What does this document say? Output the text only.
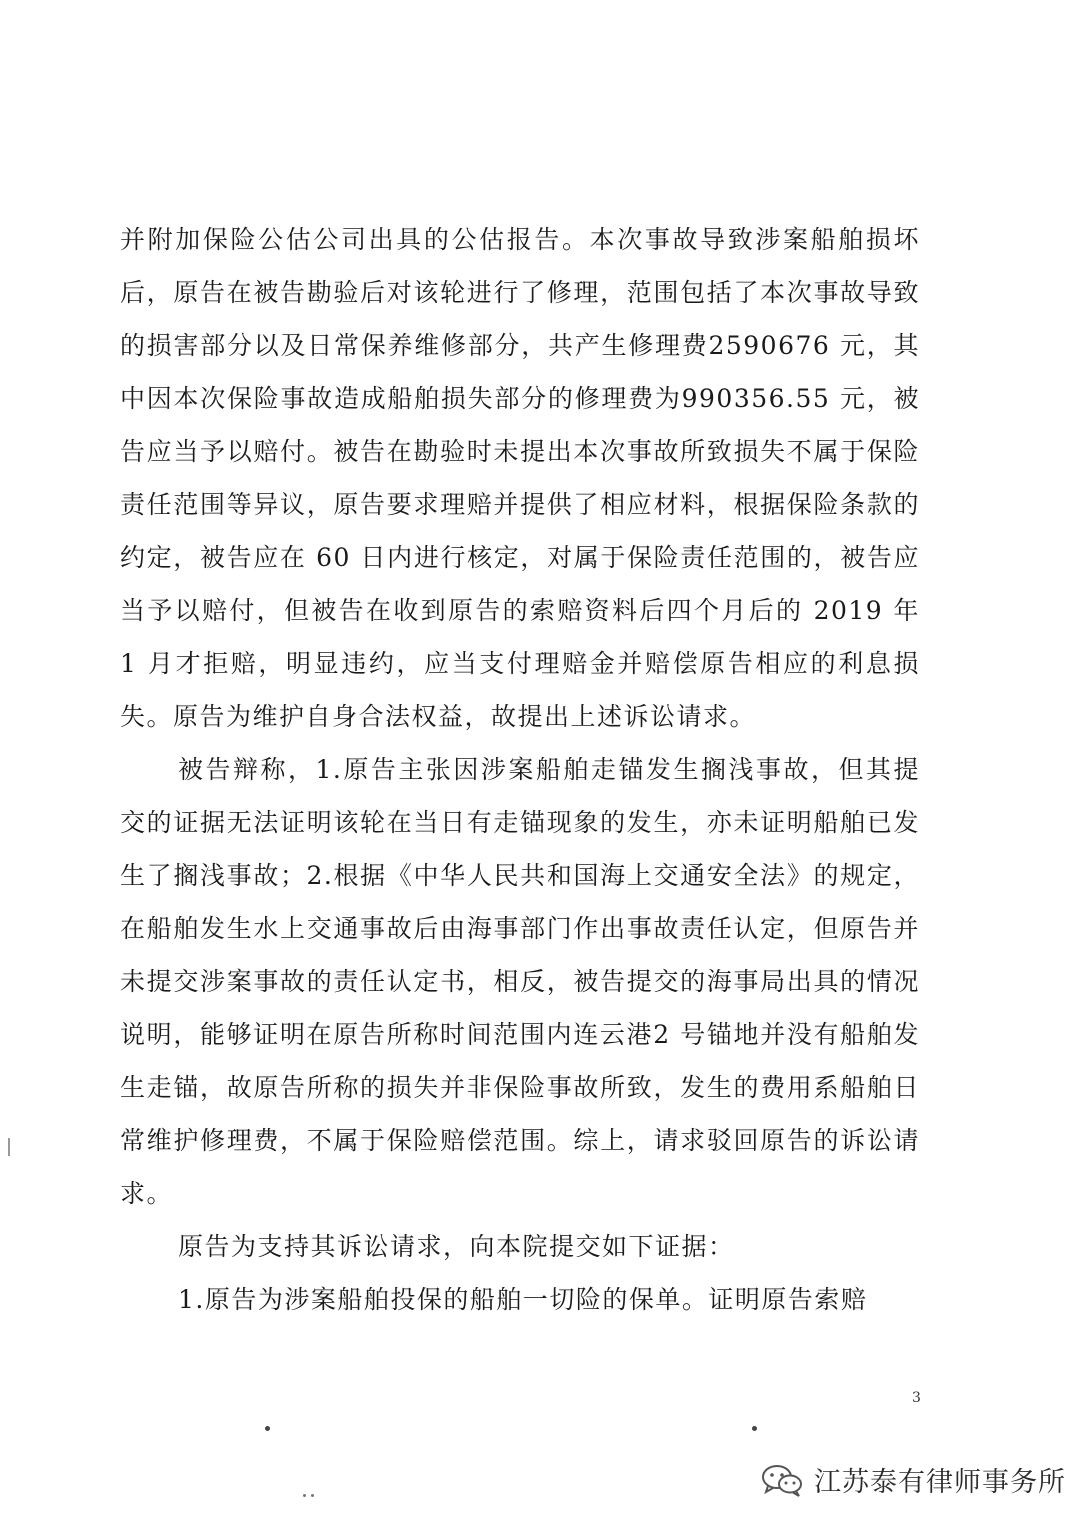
并附加保险公估公司出具的公估报告。本次事故导致涉案船舶损坏后，原告在被告勘验后对该轮进行了修理，范围包括了本次事故导致的损害部分以及日常保养维修部分，共产生修理费2590676 元，其中因本次保险事故造成船舶损失部分的修理费为990356.55 元，被告应当予以赔付。被告在勘验时未提出本次事故所致损失不属于保险责任范围等异议，原告要求理赔并提供了相应材料，根据保险条款的约定，被告应在 60 日内进行核定，对属于保险责任范围的，被告应当予以赔付，但被告在收到原告的索赔资料后四个月后的 2019 年 1 月才拒赔，明显违约，应当支付理赔金并赔偿原告相应的利息损失。原告为维护自身合法权益，故提出上述诉讼请求。

被告辩称，1.原告主张因涉案船舶走锚发生搁浅事故，但其提交的证据无法证明该轮在当日有走锚现象的发生，亦未证明船舶已发生了搁浅事故；2.根据《中华人民共和国海上交通安全法》的规定，在船舶发生水上交通事故后由海事部门作出事故责任认定，但原告并未提交涉案事故的责任认定书，相反，被告提交的海事局出具的情况说明，能够证明在原告所称时间范围内连云港2 号锚地并没有船舶发生走锚，故原告所称的损失并非保险事故所致，发生的费用系船舶日常维护修理费，不属于保险赔偿范围。综上，请求驳回原告的诉讼请求。

原告为支持其诉讼请求，向本院提交如下证据：

1.原告为涉案船舶投保的船舶一切险的保单。证明原告索赔

3
江苏泰有律师事务所
